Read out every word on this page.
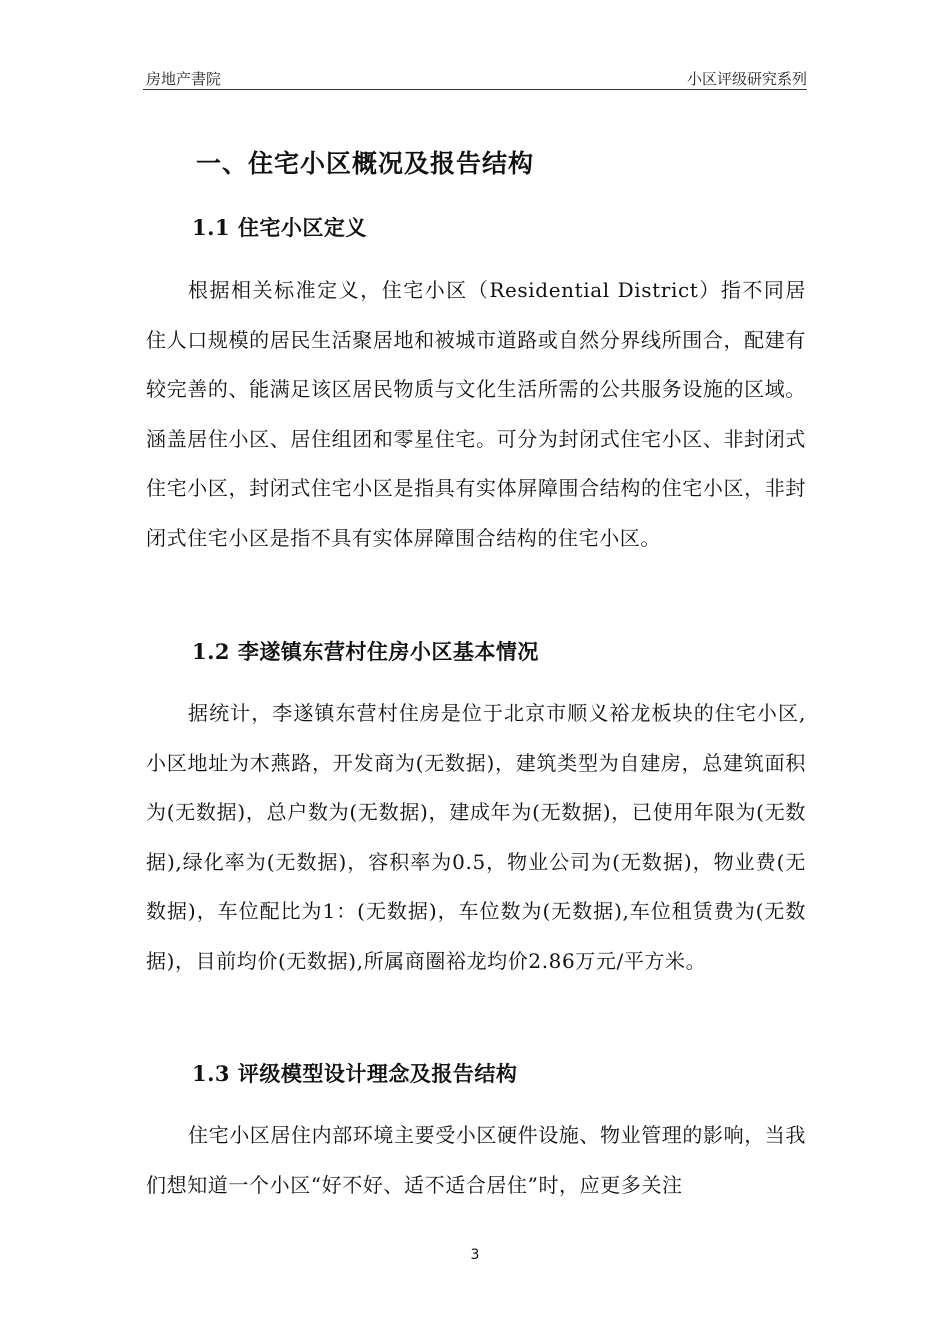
房地产書院	小区评级研究系列
一、住宅小区概况及报告结构
1.1 住宅小区定义
根据相关标准定义，住宅小区（Residential District）指不同居住人口规模的居民生活聚居地和被城市道路或自然分界线所围合，配建有较完善的、能满足该区居民物质与文化生活所需的公共服务设施的区域。涵盖居住小区、居住组团和零星住宅。可分为封闭式住宅小区、非封闭式住宅小区，封闭式住宅小区是指具有实体屏障围合结构的住宅小区，非封闭式住宅小区是指不具有实体屏障围合结构的住宅小区。
1.2 李遂镇东营村住房小区基本情况
据统计，李遂镇东营村住房是位于北京市顺义裕龙板块的住宅小区,小区地址为木燕路，开发商为(无数据)，建筑类型为自建房，总建筑面积为(无数据)，总户数为(无数据)，建成年为(无数据)，已使用年限为(无数据),绿化率为(无数据)，容积率为0.5，物业公司为(无数据)，物业费(无数据)，车位配比为1：(无数据)，车位数为(无数据),车位租赁费为(无数据)，目前均价(无数据),所属商圈裕龙均价2.86万元/平方米。
1.3 评级模型设计理念及报告结构
住宅小区居住内部环境主要受小区硬件设施、物业管理的影响，当我们想知道一个小区“好不好、适不适合居住”时，应更多关注
3
